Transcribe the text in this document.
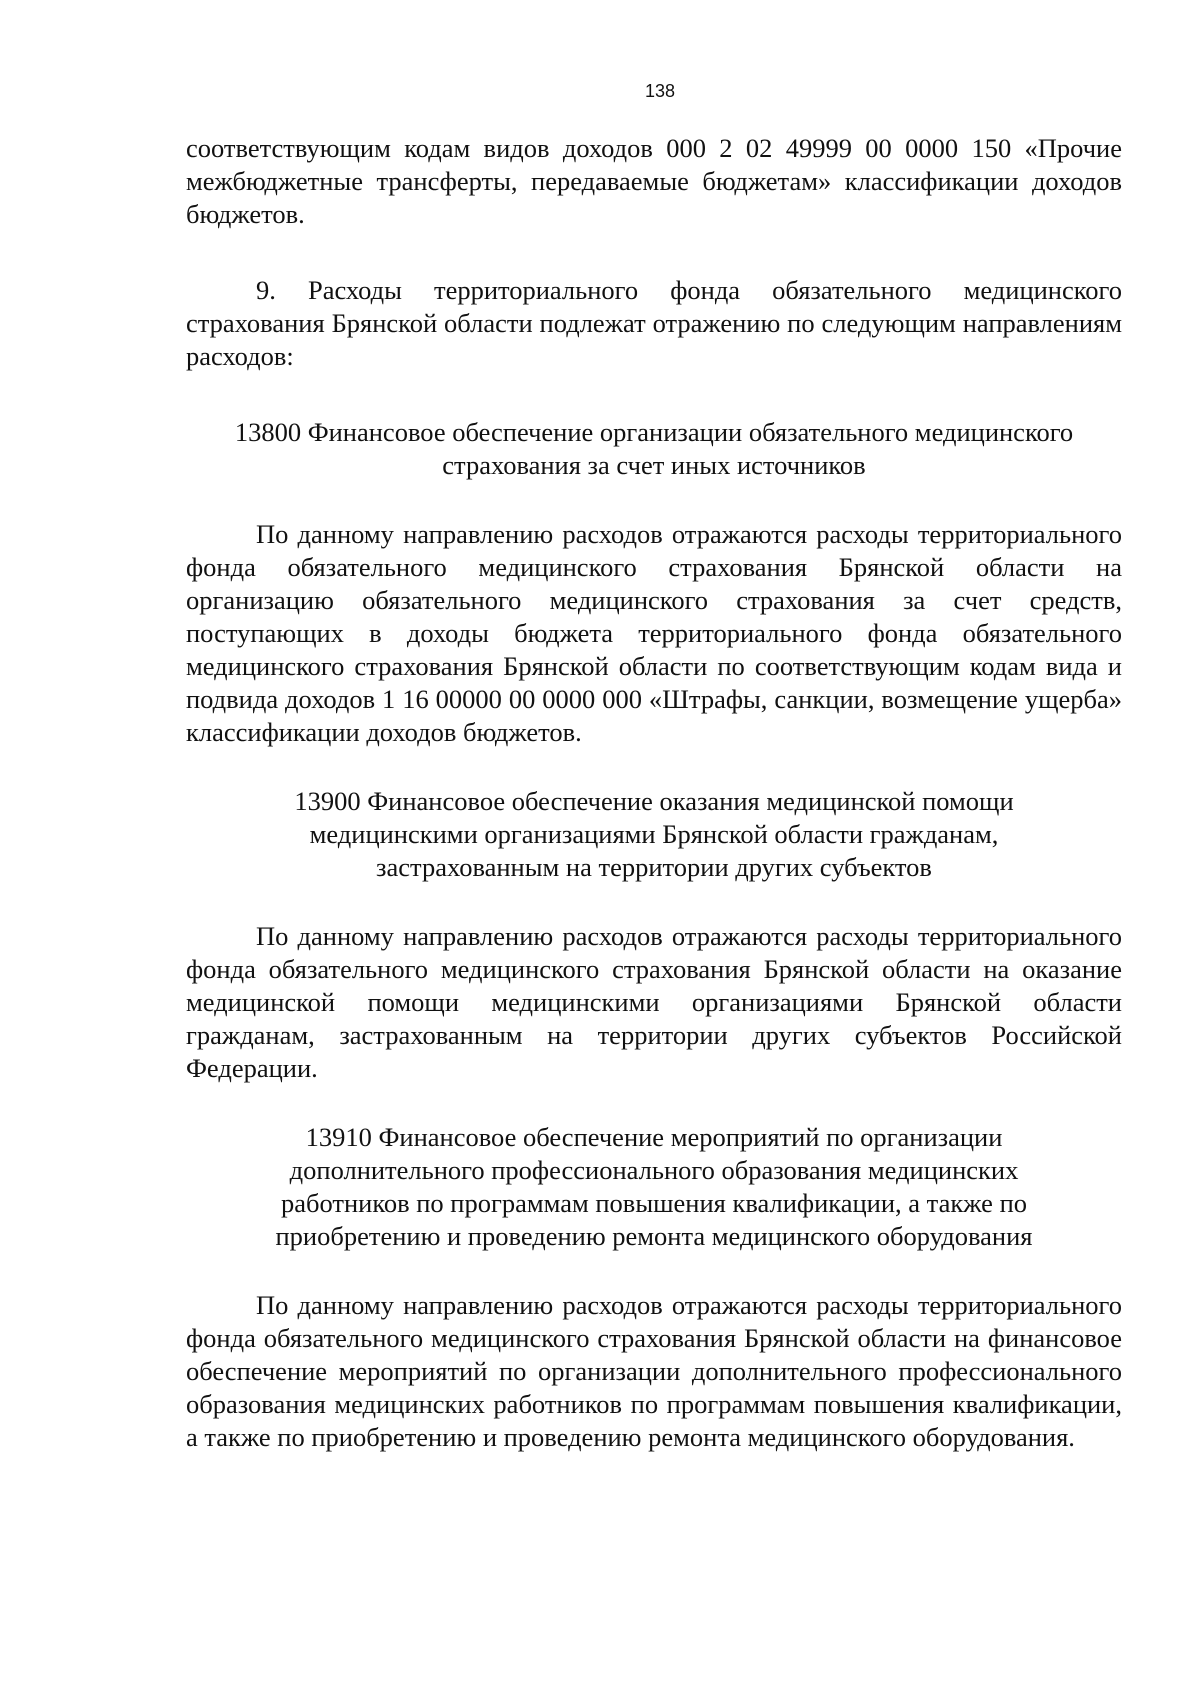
138

соответствующим кодам видов доходов 000 2 02 49999 00 0000 150 «Прочие межбюджетные трансферты, передаваемые бюджетам» классификации доходов бюджетов.

9. Расходы территориального фонда обязательного медицинского страхования Брянской области подлежат отражению по следующим направлениям расходов:

13800 Финансовое обеспечение организации обязательного медицинского страхования за счет иных источников

По данному направлению расходов отражаются расходы территориального фонда обязательного медицинского страхования Брянской области на организацию обязательного медицинского страхования за счет средств, поступающих в доходы бюджета территориального фонда обязательного медицинского страхования Брянской области по соответствующим кодам вида и подвида доходов 1 16 00000 00 0000 000 «Штрафы, санкции, возмещение ущерба» классификации доходов бюджетов.

13900 Финансовое обеспечение оказания медицинской помощи медицинскими организациями Брянской области гражданам, застрахованным на территории других субъектов

По данному направлению расходов отражаются расходы территориального фонда обязательного медицинского страхования Брянской области на оказание медицинской помощи медицинскими организациями Брянской области гражданам, застрахованным на территории других субъектов Российской Федерации.

13910 Финансовое обеспечение мероприятий по организации дополнительного профессионального образования медицинских работников по программам повышения квалификации, а также по приобретению и проведению ремонта медицинского оборудования

По данному направлению расходов отражаются расходы территориального фонда обязательного медицинского страхования Брянской области на финансовое обеспечение мероприятий по организации дополнительного профессионального образования медицинских работников по программам повышения квалификации, а также по приобретению и проведению ремонта медицинского оборудования.
